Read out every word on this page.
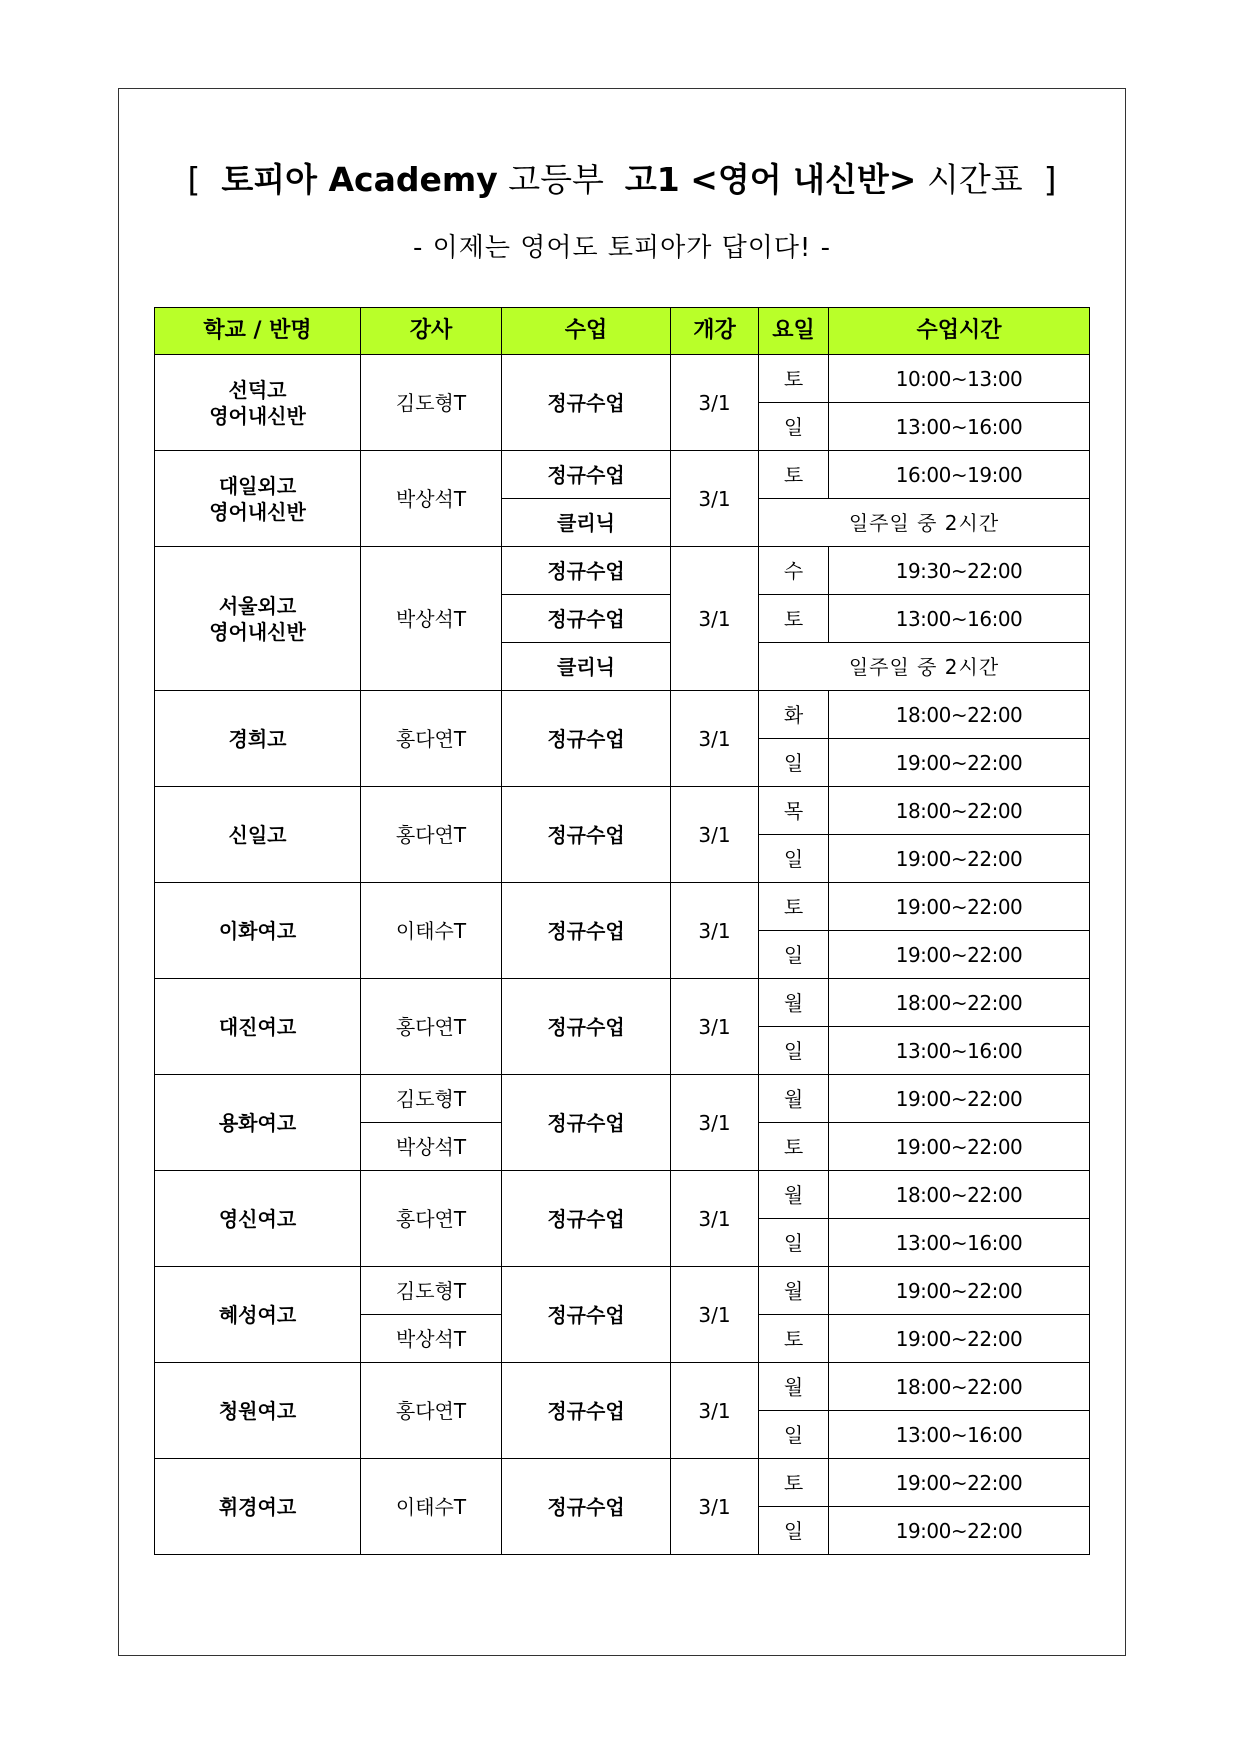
[ 토피아 Academy 고등부 고1 <영어 내신반> 시간표 ]
- 이제는 영어도 토피아가 답이다! -
학교 / 반명	강사	수업	개강	요일	수업시간

선덕고
영어내신반	김도형T	정규수업	3/1	토	10:00~13:00
				일	13:00~16:00

대일외고
영어내신반	박상석T	정규수업	3/1	토	16:00~19:00
		클리닉		일주일 중 2시간	

서울외고
영어내신반	박상석T	정규수업	3/1	수	19:30~22:00
		정규수업		토	13:00~16:00
		클리닉		일주일 중 2시간	

경희고	홍다연T	정규수업	3/1	화	18:00~22:00
				일	19:00~22:00

신일고	홍다연T	정규수업	3/1	목	18:00~22:00
				일	19:00~22:00

이화여고	이태수T	정규수업	3/1	토	19:00~22:00
				일	19:00~22:00

대진여고	홍다연T	정규수업	3/1	월	18:00~22:00
				일	13:00~16:00

용화여고	김도형T	정규수업	3/1	월	19:00~22:00
	박상석T			토	19:00~22:00

영신여고	홍다연T	정규수업	3/1	월	18:00~22:00
				일	13:00~16:00

혜성여고	김도형T	정규수업	3/1	월	19:00~22:00
	박상석T			토	19:00~22:00

청원여고	홍다연T	정규수업	3/1	월	18:00~22:00
				일	13:00~16:00

휘경여고	이태수T	정규수업	3/1	토	19:00~22:00
				일	19:00~22:00
